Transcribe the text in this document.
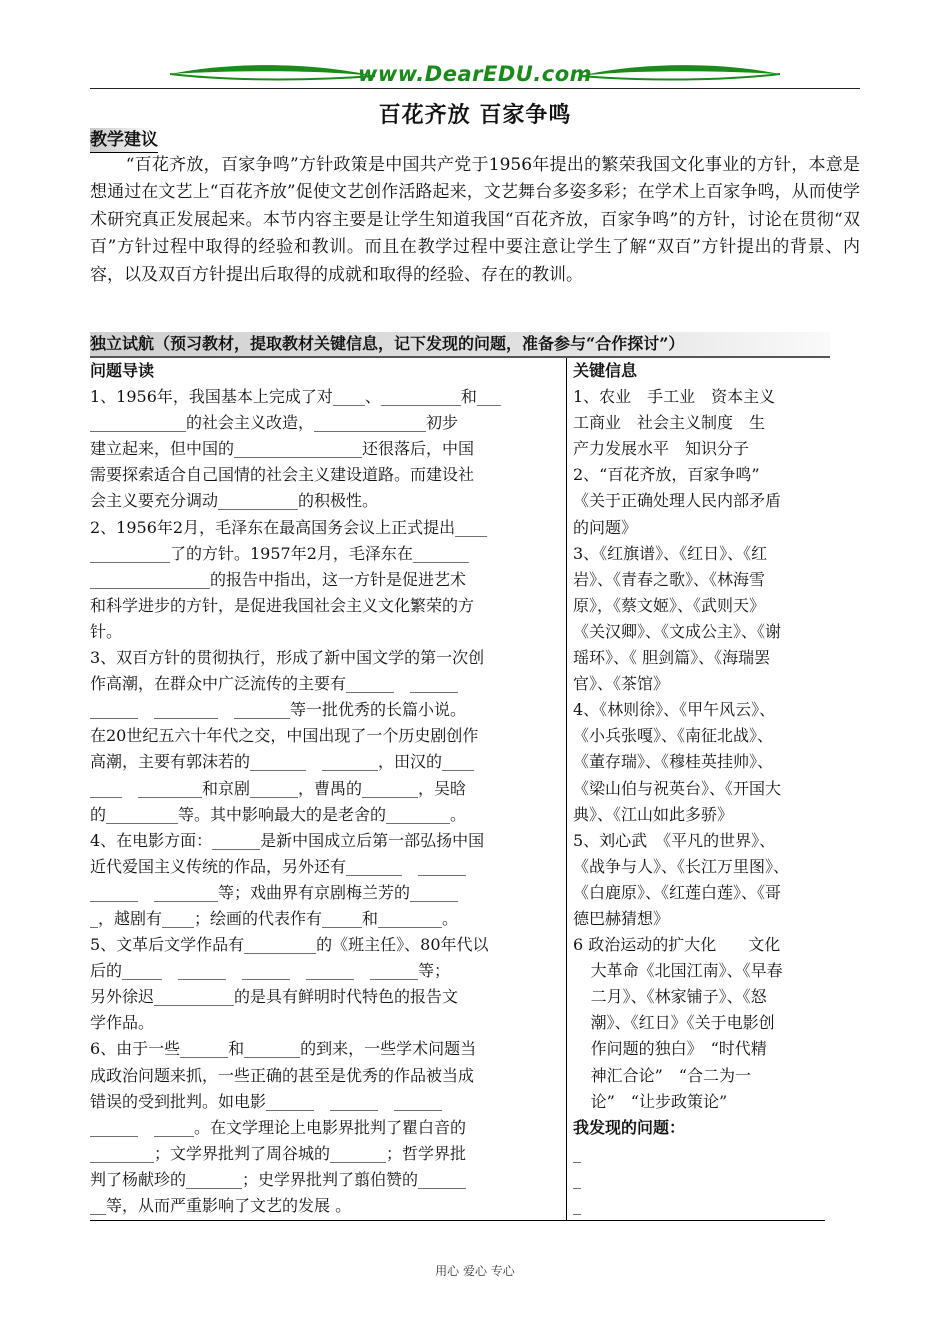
www.DearEDU.com
百花齐放 百家争鸣
教学建议
“百花齐放，百家争鸣”方针政策是中国共产党于1956年提出的繁荣我国文化事业的方针，本意是想通过在文艺上“百花齐放”促使文艺创作活路起来，文艺舞台多姿多彩；在学术上百家争鸣，从而使学术研究真正发展起来。本节内容主要是让学生知道我国“百花齐放，百家争鸣”的方针，讨论在贯彻“双百”方针过程中取得的经验和教训。而且在教学过程中要注意让学生了解“双百”方针提出的背景、内容，以及双百方针提出后取得的成就和取得的经验、存在的教训。
独立试航（预习教材，提取教材关键信息，记下发现的问题，准备参与“合作探讨”）
问题导读
1、1956年，我国基本上完成了对____、__________和___
____________的社会主义改造，______________初步
建立起来，但中国的________________还很落后，中国
需要探索适合自己国情的社会主义建设道路。而建设社
会主义要充分调动__________的积极性。
2、1956年2月，毛泽东在最高国务会议上正式提出____
__________了的方针。1957年2月，毛泽东在_______
_______________的报告中指出，这一方针是促进艺术
和科学进步的方针，是促进我国社会主义文化繁荣的方
针。
3、双百方针的贯彻执行，形成了新中国文学的第一次创
作高潮，在群众中广泛流传的主要有______　______
______　________　_______等一批优秀的长篇小说。
在20世纪五六十年代之交，中国出现了一个历史剧创作
高潮，主要有郭沫若的_______　_______，田汉的____
____　________和京剧______，曹禺的_______，吴晗
的_________等。其中影响最大的是老舍的________。
4、在电影方面：______是新中国成立后第一部弘扬中国
近代爱国主义传统的作品，另外还有_______　______
______　________等；戏曲界有京剧梅兰芳的______
_，越剧有____；绘画的代表作有_____和________。
5、文革后文学作品有_________的《班主任》、80年代以
后的_____　______　______　______　______等；
另外徐迟__________的是具有鲜明时代特色的报告文
学作品。
6、由于一些______和_______的到来，一些学术问题当
成政治问题来抓，一些正确的甚至是优秀的作品被当成
错误的受到批判。如电影______　______　______
______　_____。在文学理论上电影界批判了瞿白音的
________；文学界批判了周谷城的_______；哲学界批
判了杨献珍的_______；史学界批判了翦伯赞的______
__等，从而严重影响了文艺的发展 。
关键信息
1、农业　手工业　资本主义
工商业　社会主义制度　生
产力发展水平　知识分子
2、“百花齐放，百家争鸣”
《关于正确处理人民内部矛盾
的问题》
3、《红旗谱》、《红日》、《红
岩》、《青春之歌》、《林海雪
原》，《蔡文姬》、《武则天》
《关汉卿》、《文成公主》、《谢
瑶环》、《 胆剑篇》、《海瑞罢
官》、《茶馆》
4、《林则徐》、《甲午风云》、
《小兵张嘎》、《南征北战》、
《董存瑞》、《穆桂英挂帅》、
《梁山伯与祝英台》、《开国大
典》、《江山如此多骄》
5、刘心武　《平凡的世界》、
《战争与人》、《长江万里图》、
《白鹿原》、《红莲白莲》、《哥
德巴赫猜想》
6 政治运动的扩大化　　文化
大革命《北国江南》、《早春
二月》、《林家铺子》、《怒
潮》、《红日》《关于电影创
作问题的独白》　“时代精
神汇合论”　“合二为一
论”　“让步政策论”
我发现的问题：
_
_
_
用心 爱心 专心
